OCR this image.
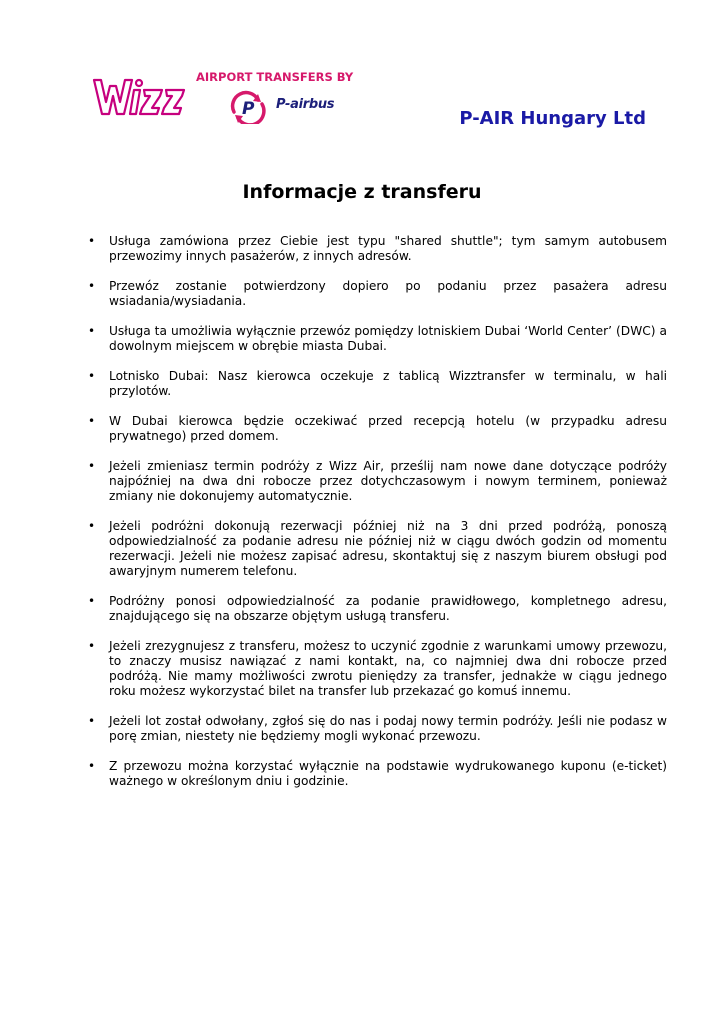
AIRPORT TRANSFERS BY
P P-airbus
P-AIR Hungary Ltd
Informacje z transferu
• Usługa zamówiona przez Ciebie jest typu "shared shuttle"; tym samym autobusem przewozimy innych pasażerów, z innych adresów.
• Przewóz zostanie potwierdzony dopiero po podaniu przez pasażera adresu wsiadania/wysiadania.
• Usługa ta umożliwia wyłącznie przewóz pomiędzy lotniskiem Dubai ‘World Center’ (DWC) a dowolnym miejscem w obrębie miasta Dubai.
• Lotnisko Dubai: Nasz kierowca oczekuje z tablicą Wizztransfer w terminalu, w hali przylotów.
• W Dubai kierowca będzie oczekiwać przed recepcją hotelu (w przypadku adresu prywatnego) przed domem.
• Jeżeli zmieniasz termin podróży z Wizz Air, prześlij nam nowe dane dotyczące podróży najpóźniej na dwa dni robocze przez dotychczasowym i nowym terminem, ponieważ zmiany nie dokonujemy automatycznie.
• Jeżeli podróżni dokonują rezerwacji później niż na 3 dni przed podróżą, ponoszą odpowiedzialność za podanie adresu nie później niż w ciągu dwóch godzin od momentu rezerwacji. Jeżeli nie możesz zapisać adresu, skontaktuj się z naszym biurem obsługi pod awaryjnym numerem telefonu.
• Podróżny ponosi odpowiedzialność za podanie prawidłowego, kompletnego adresu, znajdującego się na obszarze objętym usługą transferu.
• Jeżeli zrezygnujesz z transferu, możesz to uczynić zgodnie z warunkami umowy przewozu, to znaczy musisz nawiązać z nami kontakt, na, co najmniej dwa dni robocze przed podróżą. Nie mamy możliwości zwrotu pieniędzy za transfer, jednakże w ciągu jednego roku możesz wykorzystać bilet na transfer lub przekazać go komuś innemu.
• Jeżeli lot został odwołany, zgłoś się do nas i podaj nowy termin podróży. Jeśli nie podasz w porę zmian, niestety nie będziemy mogli wykonać przewozu.
• Z przewozu można korzystać wyłącznie na podstawie wydrukowanego kuponu (e-ticket) ważnego w określonym dniu i godzinie.
